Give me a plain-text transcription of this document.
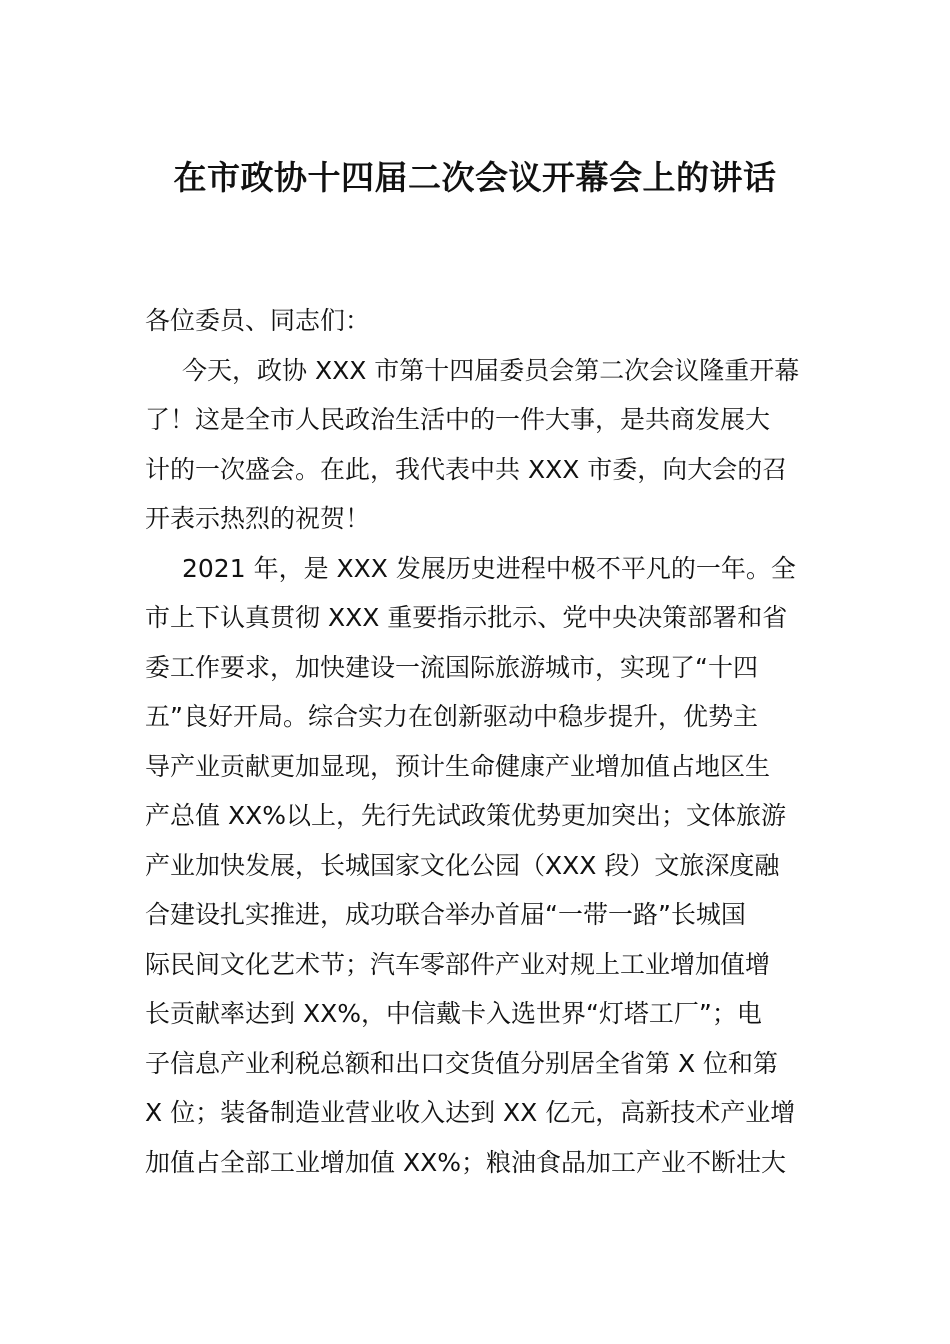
在市政协十四届二次会议开幕会上的讲话
各位委员、同志们：
今天，政协 XXX 市第十四届委员会第二次会议隆重开幕
了！这是全市人民政治生活中的一件大事，是共商发展大
计的一次盛会。在此，我代表中共 XXX 市委，向大会的召
开表示热烈的祝贺！
2021 年，是 XXX 发展历史进程中极不平凡的一年。全
市上下认真贯彻 XXX 重要指示批示、党中央决策部署和省
委工作要求，加快建设一流国际旅游城市，实现了“十四
五”良好开局。综合实力在创新驱动中稳步提升，优势主
导产业贡献更加显现，预计生命健康产业增加值占地区生
产总值 XX%以上，先行先试政策优势更加突出；文体旅游
产业加快发展，长城国家文化公园（XXX 段）文旅深度融
合建设扎实推进，成功联合举办首届“一带一路”长城国
际民间文化艺术节；汽车零部件产业对规上工业增加值增
长贡献率达到 XX%，中信戴卡入选世界“灯塔工厂”；电
子信息产业利税总额和出口交货值分别居全省第 X 位和第
X 位；装备制造业营业收入达到 XX 亿元，高新技术产业增
加值占全部工业增加值 XX%；粮油食品加工产业不断壮大
